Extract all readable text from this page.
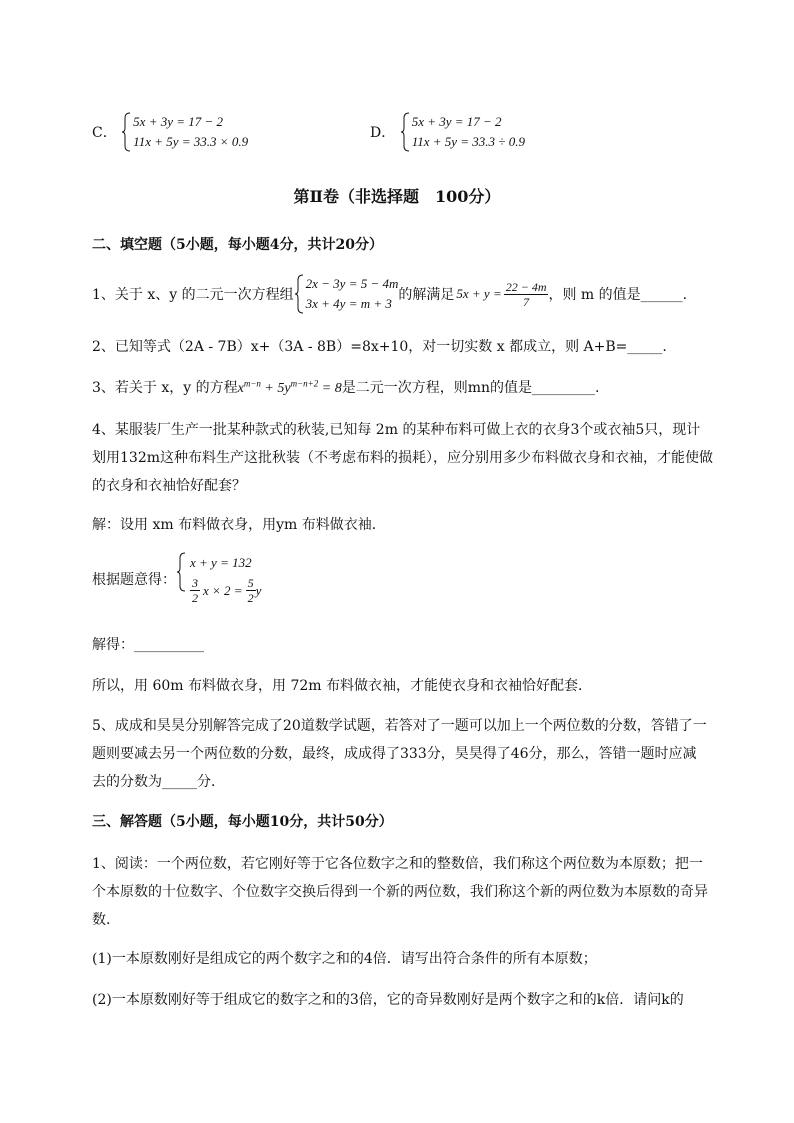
C．
5x + 3y = 17 − 2
11x + 5y = 33.3 × 0.9
D．
5x + 3y = 17 − 2
11x + 5y = 33.3 ÷ 0.9
第Ⅱ卷（非选择题　100分）
二、填空题（5小题，每小题4分，共计20分）
1、关于 x、y 的二元一次方程组
2x − 3y = 5 − 4m
3x + 4y = m + 3
的解满足 $5x + y = \frac{22 - 4m}{7}$ ，则 m 的值是______.
2、已知等式（2A - 7B）x+（3A - 8B）=8x+10，对一切实数 x 都成立，则 A+B=_____.
3、若关于 x，y 的方程$x^{m-n} + 5y^{m-n+2} = 8$是二元一次方程，则mn的值是_________.

4、某服装厂生产一批某种款式的秋装,已知每 2m 的某种布料可做上衣的衣身3个或衣袖5只，现计

划用132m这种布料生产这批秋装（不考虑布料的损耗），应分别用多少布料做衣身和衣袖，才能使做

的衣身和衣袖恰好配套？

解：设用 xm 布料做衣身，用ym 布料做衣袖．
根据题意得：
x + y = 132
$\frac{3}{2}$ $x \times 2 = \frac{5}{2}$ y
解得：__________
所以，用 60m 布料做衣身，用 72m 布料做衣袖，才能使衣身和衣袖恰好配套．

5、成成和昊昊分别解答完成了20道数学试题，若答对了一题可以加上一个两位数的分数，答错了一

题则要减去另一个两位数的分数，最终，成成得了333分，昊昊得了46分，那么，答错一题时应减

去的分数为_____分．

三、解答题（5小题，每小题10分，共计50分）

1、阅读：一个两位数，若它刚好等于它各位数字之和的整数倍，我们称这个两位数为本原数；把一

个本原数的十位数字、个位数字交换后得到一个新的两位数，我们称这个新的两位数为本原数的奇异

数．

(1)一本原数刚好是组成它的两个数字之和的4倍．请写出符合条件的所有本原数；
(2)一本原数刚好等于组成它的数字之和的3倍，它的奇异数刚好是两个数字之和的k倍．请问k的
